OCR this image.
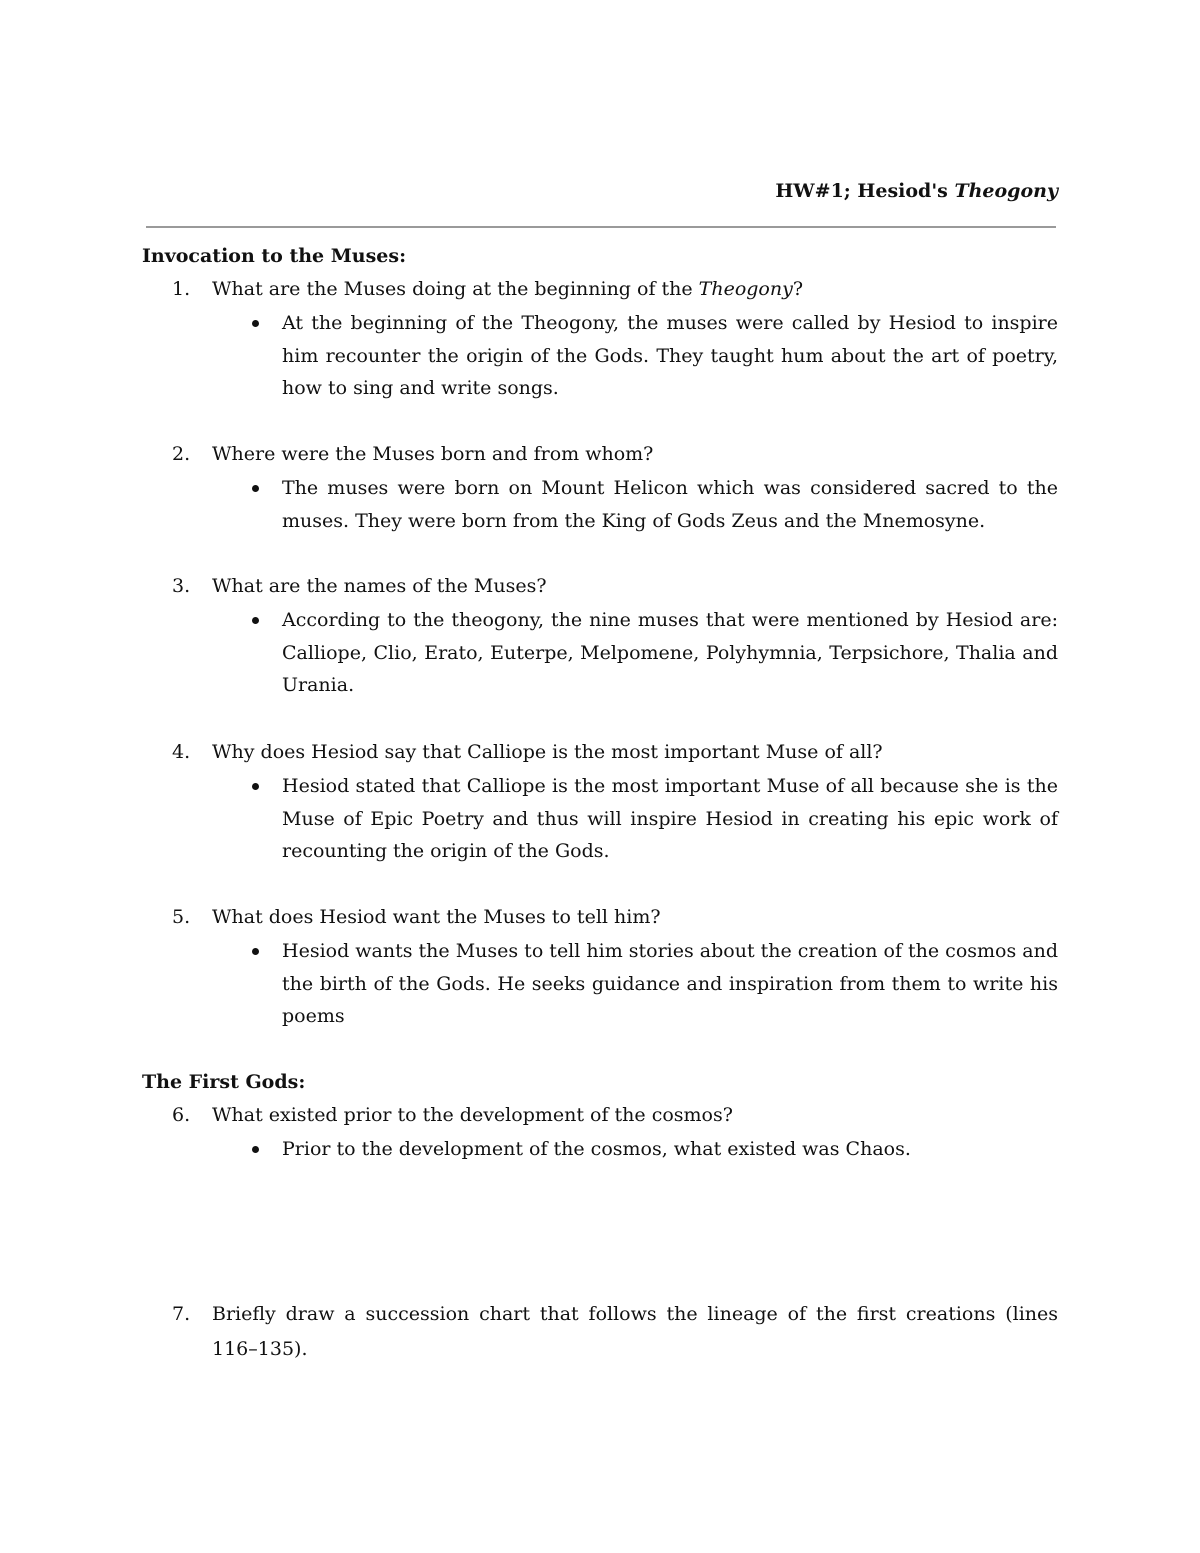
HW#1; Hesiod's Theogony
Invocation to the Muses:
1. What are the Muses doing at the beginning of the Theogony?
At the beginning of the Theogony, the muses were called by Hesiod to inspire him recounter the origin of the Gods. They taught hum about the art of poetry, how to sing and write songs.
2. Where were the Muses born and from whom?
The muses were born on Mount Helicon which was considered sacred to the muses. They were born from the King of Gods Zeus and the Mnemosyne.
3. What are the names of the Muses?
According to the theogony, the nine muses that were mentioned by Hesiod are: Calliope, Clio, Erato, Euterpe, Melpomene, Polyhymnia, Terpsichore, Thalia and Urania.
4. Why does Hesiod say that Calliope is the most important Muse of all?
Hesiod stated that Calliope is the most important Muse of all because she is the Muse of Epic Poetry and thus will inspire Hesiod in creating his epic work of recounting the origin of the Gods.
5. What does Hesiod want the Muses to tell him?
Hesiod wants the Muses to tell him stories about the creation of the cosmos and the birth of the Gods. He seeks guidance and inspiration from them to write his poems
The First Gods:
6. What existed prior to the development of the cosmos?
Prior to the development of the cosmos, what existed was Chaos.
7. Briefly draw a succession chart that follows the lineage of the first creations (lines 116–135).
